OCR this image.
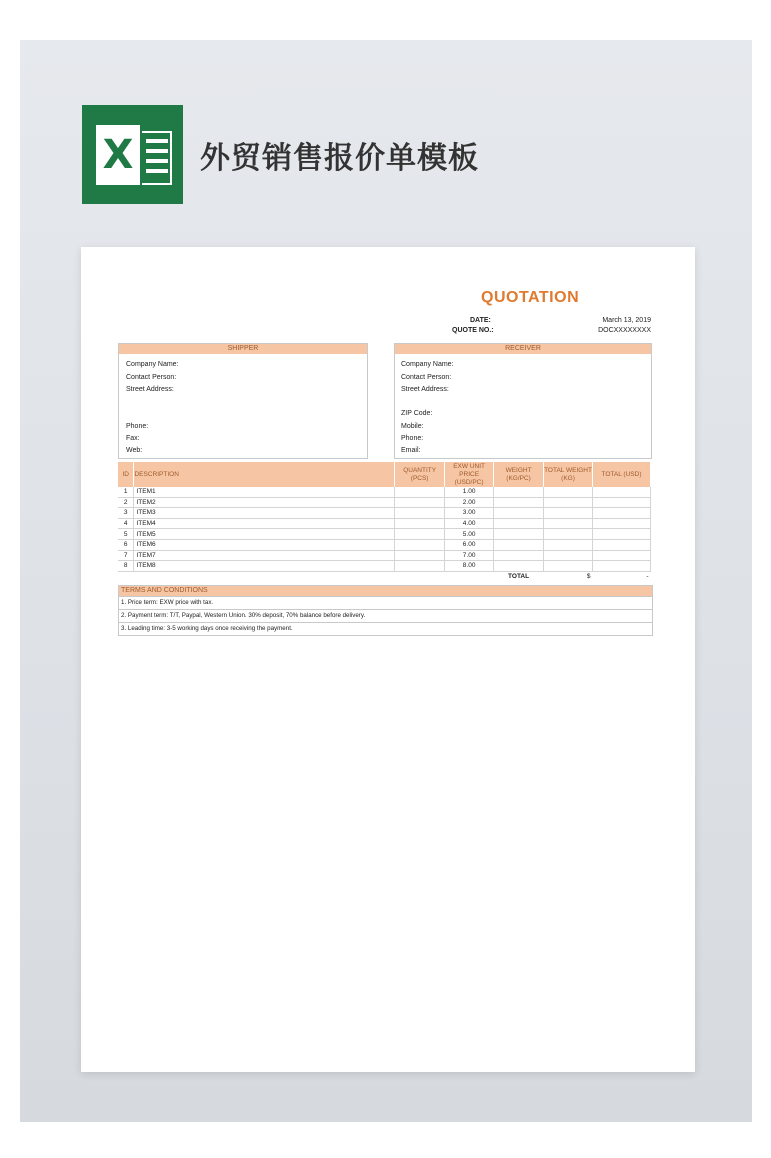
X 外贸销售报价单模板
QUOTATION
DATE:	March 13, 2019
QUOTE NO.:	DOCXXXXXXXX
SHIPPER
Company Name:
Contact Person:
Street Address:
Phone:
Fax:
Web:
RECEIVER
Company Name:
Contact Person:
Street Address:
ZIP Code:
Mobile:
Phone:
Email:
ID	DESCRIPTION	QUANTITY (PCS)	EXW UNIT PRICE (USD/PC)	WEIGHT (KG/PC)	TOTAL WEIGHT (KG)	TOTAL (USD)
1	ITEM1		1.00			
2	ITEM2		2.00			
3	ITEM3		3.00			
4	ITEM4		4.00			
5	ITEM5		5.00			
6	ITEM6		6.00			
7	ITEM7		7.00			
8	ITEM8		8.00			
				TOTAL	$	-
TERMS AND CONDITIONS
1. Price term: EXW price with tax.
2. Payment term: T/T, Paypal, Western Union. 30% deposit, 70% balance before delivery.
3. Leading time: 3-5 working days once receiving the payment.
